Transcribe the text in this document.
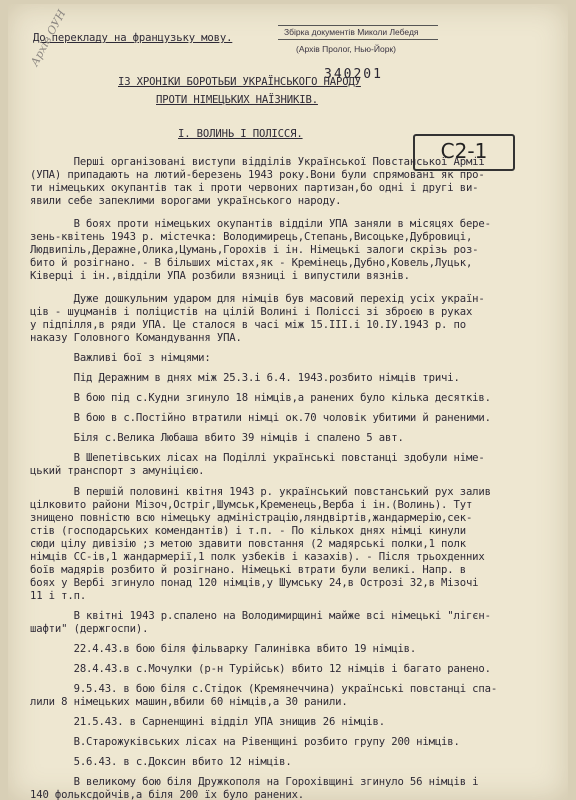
До перекладу на французьку мову.	Збірка документів Миколи Лебедя
(Архів Пролог, Нью-Йорк)
340201
Архів ОУН
ІЗ ХРОНІКИ БОРОТЬБИ УКРАЇНСЬКОГО НАРОДУ
ПРОТИ НІМЕЦЬКИХ НАЇЗНИКІВ.
С2-1
І. ВОЛИНЬ І ПОЛІССЯ.
Перші організовані виступи відділів Української Повстанської Армії
(УПА) припадають на лютий-березень 1943 року.Вони були спрямовані як про-
ти німецьких окупантів так і проти червоних партизан,бо одні і другі ви-
явили себе запеклими ворогами українського народу.
В боях проти німецьких окупантів відділи УПА заняли в місяцях бере-
зень-квітень 1943 р. містечка: Володимирець,Степань,Висоцьке,Дубровиці,
Людвипіль,Деражне,Олика,Цумань,Горохів і ін. Німецькі залоги скрізь роз-
бито й розігнано. - В більших містах,як - Кремінець,Дубно,Ковель,Луцьк,
Ківерці і ін.,відділи УПА розбили вязниці і випустили вязнів.
Дуже дошкульним ударом для німців був масовий перехід усіх україн-
ців - шуцманів і поліцистів на цілій Волині і Поліссі зі зброєю в руках
у підпілля,в ряди УПА. Це сталося в часі між 15.ІІІ.і 10.ІУ.1943 р. по
наказу Головного Командування УПА.
Важливі бої з німцями:
Під Деражним в днях між 25.3.і 6.4. 1943.розбито німців тричі.
В бою під с.Кудни згинуло 18 німців,а ранених було кілька десятків.
В бою в с.Постійно втратили німці ок.70 чоловік убитими й раненими.
Біля с.Велика Любаша вбито 39 німців і спалено 5 авт.
В Шепетівських лісах на Поділлі українські повстанці здобули німе-
цький транспорт з амуніцією.
В першій половині квітня 1943 р. український повстанський рух залив
цілковито райони Мізоч,Остріг,Шумськ,Кременець,Верба і ін.(Волинь). Тут
знищено повністю всю німецьку адміністрацію,ляндвіртів,жандармерію,сек-
стів (господарських комендантів) і т.п. - По кількох днях німці кинули
сюди цілу дивізію ;з метою здавити повстання (2 мадярські полки,1 полк
німців СС-ів,1 жандармерії,1 полк узбеків і казахів). - Після трьохденних
боїв мадярів розбито й розігнано. Німецькі втрати були великі. Напр. в
боях у Вербі згинуло понад 120 німців,у Шумську 24,в Острозі 32,в Мізочі
11 і т.п.
В квітні 1943 р.спалено на Володимирщині майже всі німецькі "лігєн-
шафти" (держгоспи).
22.4.43.в бою біля фільварку Галинівка вбито 19 німців.
28.4.43.в с.Мочулки (р-н Турійськ) вбито 12 німців і багато ранено.
9.5.43. в бою біля с.Стідок (Кремянеччина) українські повстанці спа-
лили 8 німецьких машин,вбили 60 німців,а 30 ранили.
21.5.43. в Сарненщині відділ УПА знищив 26 німців.
В.Старожуківських лісах на Рівенщині розбито групу 200 німців.
5.6.43. в с.Доксин вбито 12 німців.
В великому бою біля Дружкополя на Горохівщині згинуло 56 німців і
140 фольксдойчів,а біля 200 їх було ранених.
